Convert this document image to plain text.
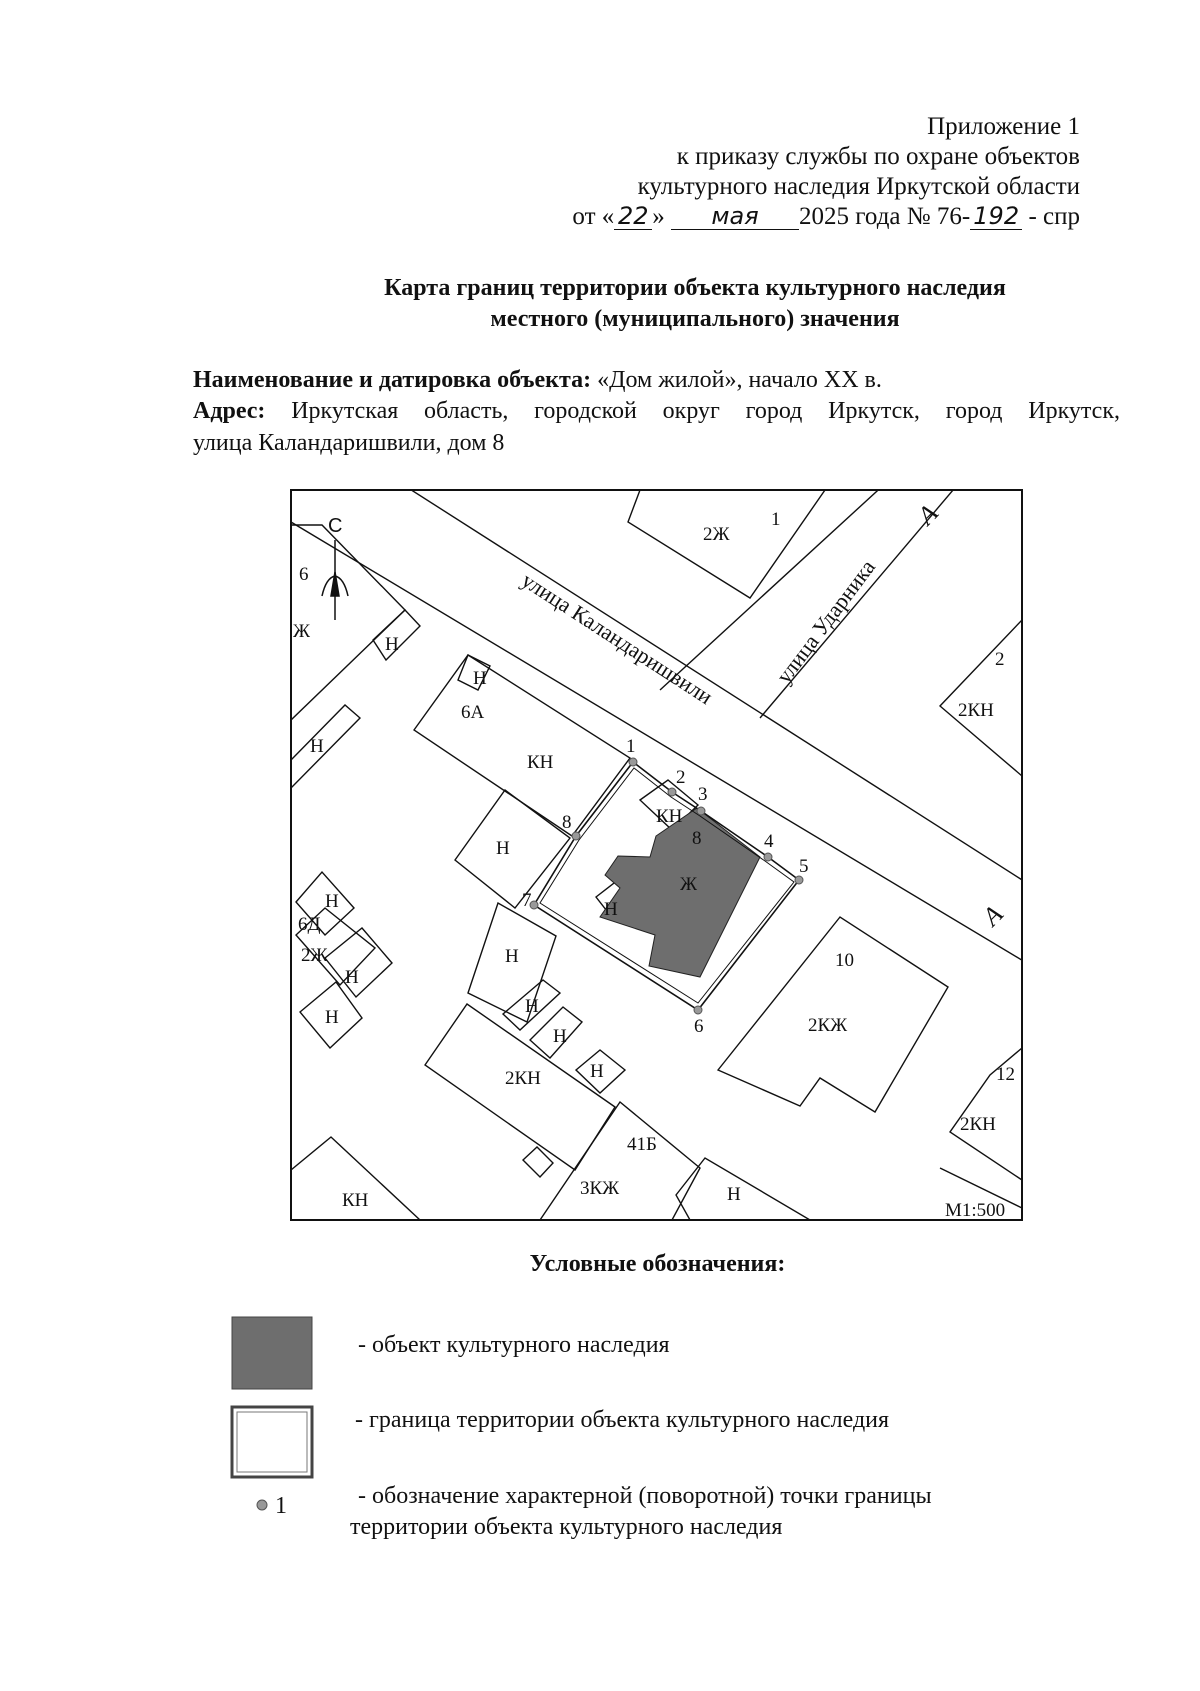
Приложение 1
к приказу службы по охране объектов
культурного наследия Иркутской области
от « 22 » мая 2025 года № 76- 192 - спр
Карта границ территории объекта культурного наследия
местного (муниципального) значения
Наименование и датировка объекта: «Дом жилой», начало XX в.
Адрес: Иркутская область, городской округ город Иркутск, город Иркутск,
улица Каландаришвили, дом 8
С
М1:500
А
А
улица Каландаришвили улица Ударника
1
2Ж
2
2КН
6
Ж
Н
Н
6А
Н
КН
Н	8
КН
Ж
Н
6Д
Н
2Ж
Н
Н
Н
Н
Н
Н
2КН
10
2КЖ
12
2КН
КН
41Б
3КЖ	Н
1
2
3
4
5
6
7
8
Условные обозначения:
1
- объект культурного наследия
- граница территории объекта культурного наследия
- обозначение характерной (поворотной) точки границы
территории объекта культурного наследия
